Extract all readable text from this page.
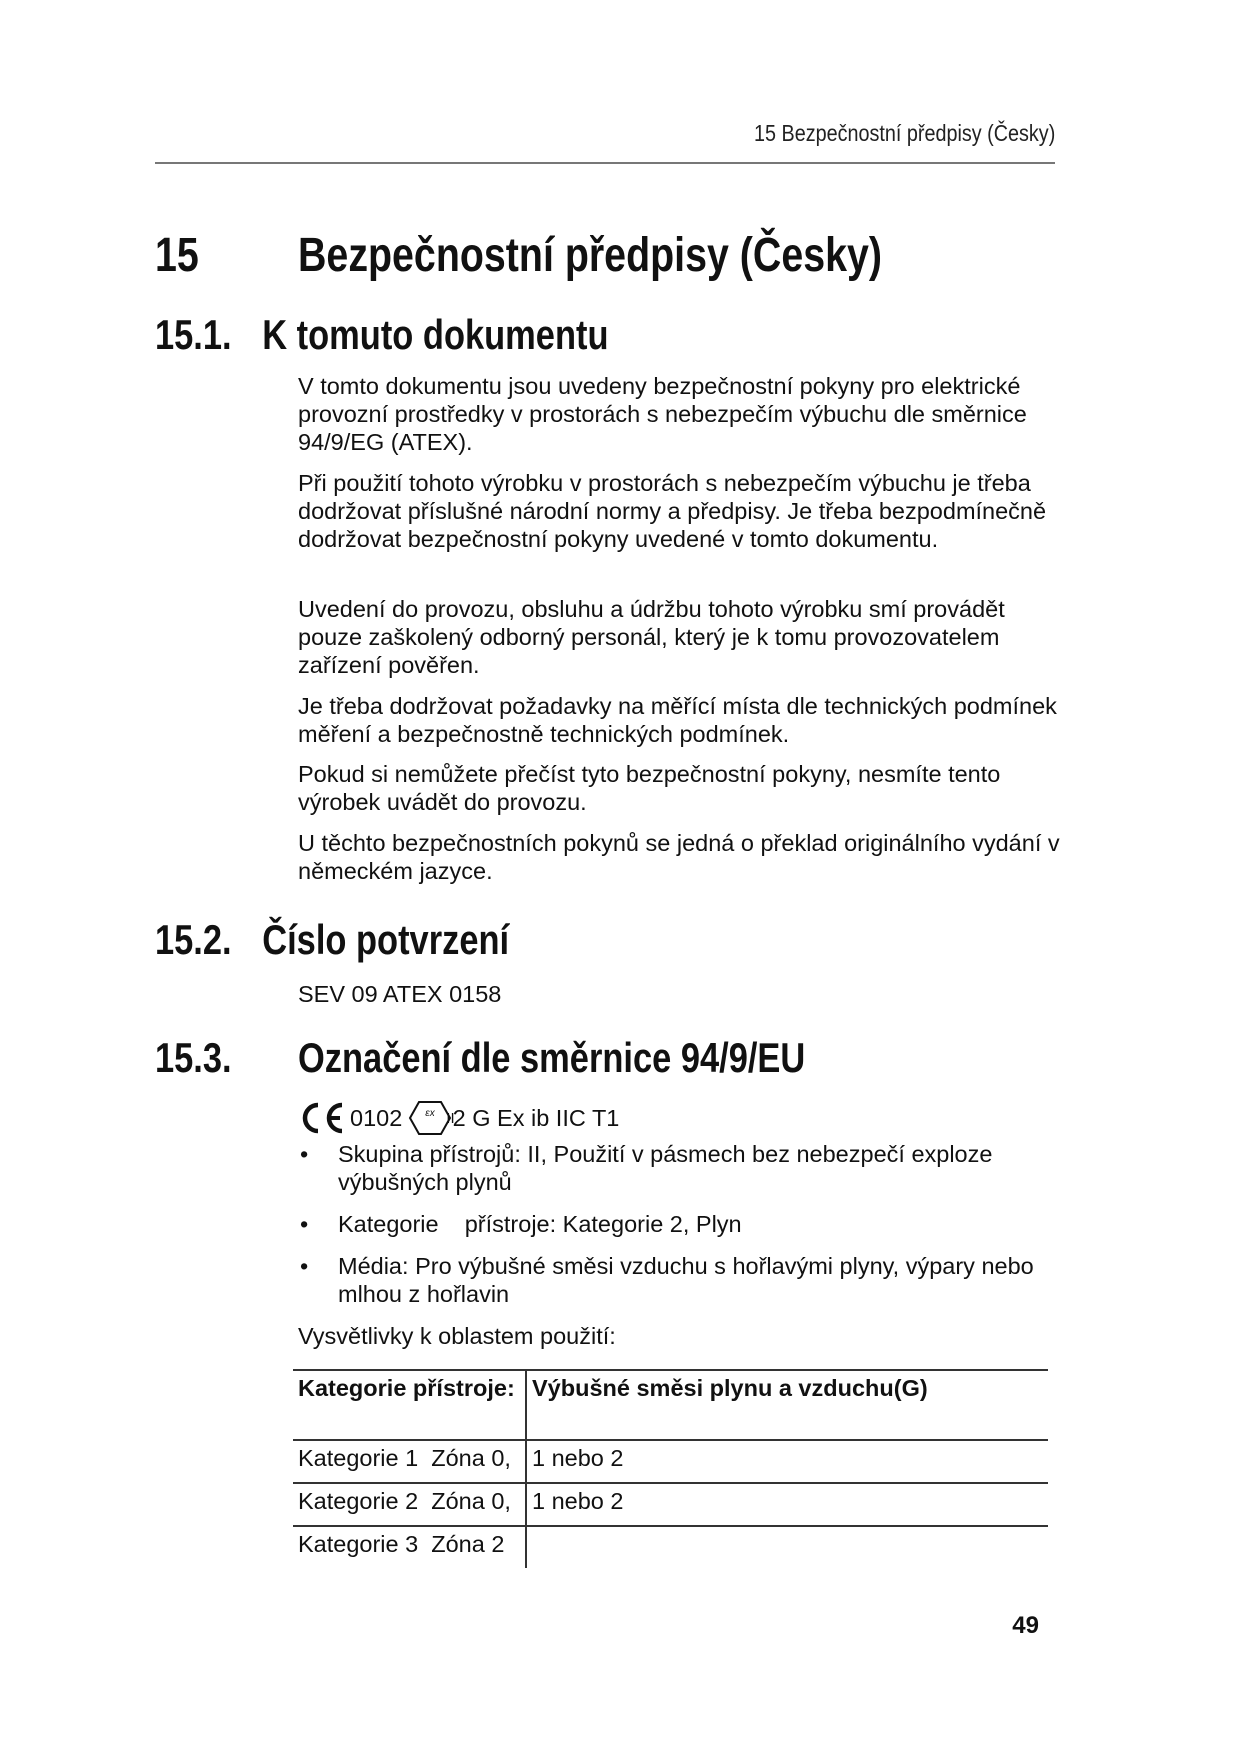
15 Bezpečnostní předpisy (Česky)
15 Bezpečnostní předpisy (Česky)
15.1. K tomuto dokumentu

V tomto dokumentu jsou uvedeny bezpečnostní pokyny pro elektrické provozní prostředky v prostorách s nebezpečím výbuchu dle směrnice 94/9/EG (ATEX).

Při použití tohoto výrobku v prostorách s nebezpečím výbuchu je třeba dodržovat příslušné národní normy a předpisy. Je třeba bezpodmínečně dodržovat bezpečnostní pokyny uvedené v tomto dokumentu.

Uvedení do provozu, obsluhu a údržbu tohoto výrobku smí provádět pouze zaškolený odborný personál, který je k tomu provozovatelem zařízení pověřen.

Je třeba dodržovat požadavky na měřící místa dle technických podmínek měření a bezpečnostně technických podmínek.

Pokud si nemůžete přečíst tyto bezpečnostní pokyny, nesmíte tento výrobek uvádět do provozu.

U těchto bezpečnostních pokynů se jedná o překlad originálního vydání v německém jazyce.

15.2. Číslo potvrzení
SEV 09 ATEX 0158
15.3. Označení dle směrnice 94/9/EU
0102 εx II
2 G Ex ib IIC T1
• Skupina přístrojů: II, Použití v pásmech bez nebezpečí exploze výbušných plynů
• Kategorie    přístroje: Kategorie 2, Plyn
• Média: Pro výbušné směsi vzduchu s hořlavými plyny, výpary nebo mlhou z hořlavin
Vysvětlivky k oblastem použití:
Kategorie přístroje:	Výbušné směsi plynu a vzduchu(G)
Kategorie 1  Zóna 0,	1 nebo 2
Kategorie 2  Zóna 0,	1 nebo 2
Kategorie 3  Zóna 2	
49
